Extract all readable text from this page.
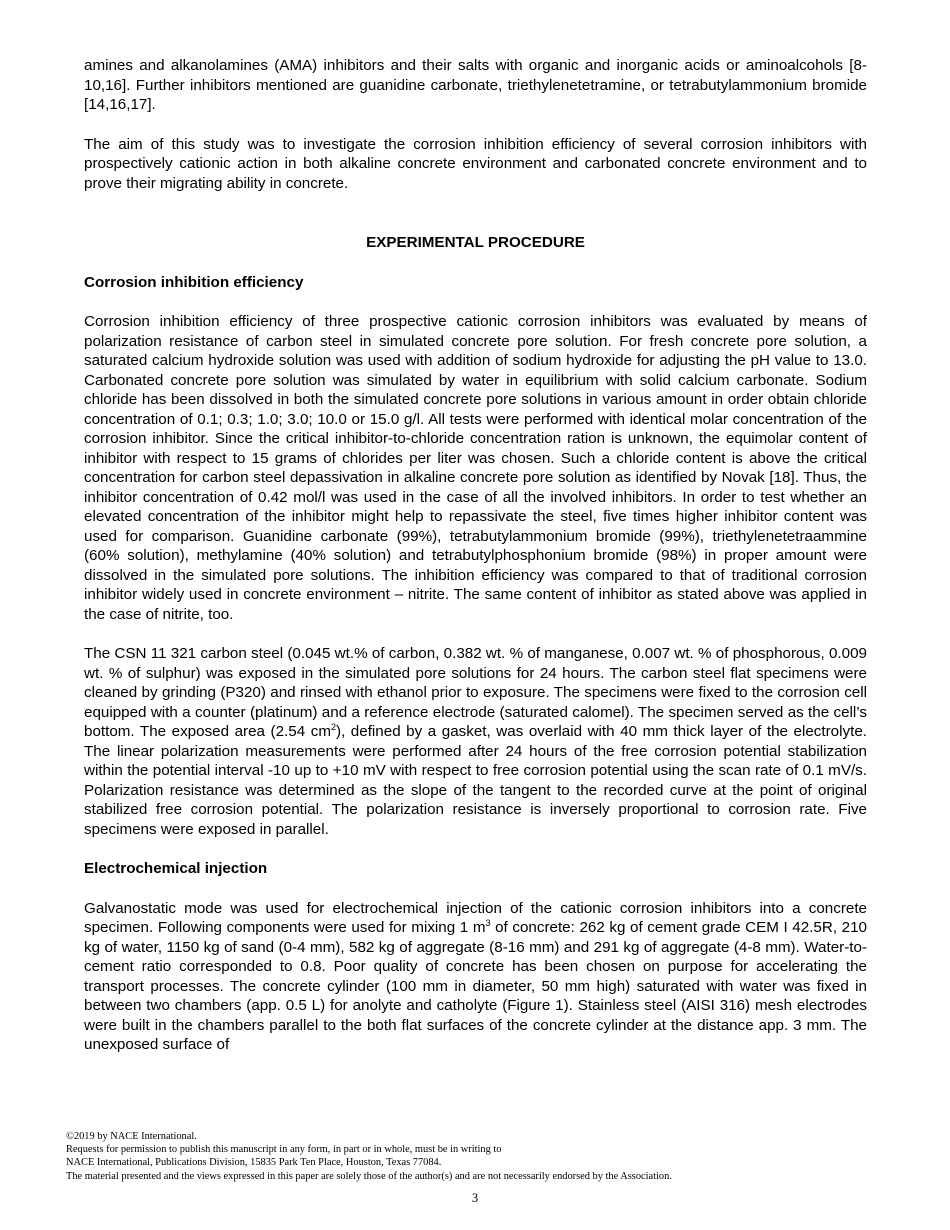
amines and alkanolamines (AMA) inhibitors and their salts with organic and inorganic acids or aminoalcohols [8-10,16]. Further inhibitors mentioned are guanidine carbonate, triethylenetetramine, or tetrabutylammonium bromide [14,16,17].

The aim of this study was to investigate the corrosion inhibition efficiency of several corrosion inhibitors with prospectively cationic action in both alkaline concrete environment and carbonated concrete environment and to prove their migrating ability in concrete.

EXPERIMENTAL PROCEDURE
Corrosion inhibition efficiency

Corrosion inhibition efficiency of three prospective cationic corrosion inhibitors was evaluated by means of polarization resistance of carbon steel in simulated concrete pore solution. For fresh concrete pore solution, a saturated calcium hydroxide solution was used with addition of sodium hydroxide for adjusting the pH value to 13.0. Carbonated concrete pore solution was simulated by water in equilibrium with solid calcium carbonate. Sodium chloride has been dissolved in both the simulated concrete pore solutions in various amount in order obtain chloride concentration of 0.1; 0.3; 1.0; 3.0; 10.0 or 15.0 g/l. All tests were performed with identical molar concentration of the corrosion inhibitor. Since the critical inhibitor-to-chloride concentration ration is unknown, the equimolar content of inhibitor with respect to 15 grams of chlorides per liter was chosen. Such a chloride content is above the critical concentration for carbon steel depassivation in alkaline concrete pore solution as identified by Novak [18]. Thus, the inhibitor concentration of 0.42 mol/l was used in the case of all the involved inhibitors. In order to test whether an elevated concentration of the inhibitor might help to repassivate the steel, five times higher inhibitor content was used for comparison. Guanidine carbonate (99%), tetrabutylammonium bromide (99%), triethylenetetraammine (60% solution), methylamine (40% solution) and tetrabutylphosphonium bromide (98%) in proper amount were dissolved in the simulated pore solutions. The inhibition efficiency was compared to that of traditional corrosion inhibitor widely used in concrete environment – nitrite. The same content of inhibitor as stated above was applied in the case of nitrite, too.

The CSN 11 321 carbon steel (0.045 wt.% of carbon, 0.382 wt. % of manganese, 0.007 wt. % of phosphorous, 0.009 wt. % of sulphur) was exposed in the simulated pore solutions for 24 hours. The carbon steel flat specimens were cleaned by grinding (P320) and rinsed with ethanol prior to exposure. The specimens were fixed to the corrosion cell equipped with a counter (platinum) and a reference electrode (saturated calomel). The specimen served as the cell’s bottom. The exposed area (2.54 $cm^2$), defined by a gasket, was overlaid with 40 mm thick layer of the electrolyte. The linear polarization measurements were performed after 24 hours of the free corrosion potential stabilization within the potential interval -10 up to +10 mV with respect to free corrosion potential using the scan rate of 0.1 mV/s. Polarization resistance was determined as the slope of the tangent to the recorded curve at the point of original stabilized free corrosion potential. The polarization resistance is inversely proportional to corrosion rate. Five specimens were exposed in parallel.

Electrochemical injection

Galvanostatic mode was used for electrochemical injection of the cationic corrosion inhibitors into a concrete specimen. Following components were used for mixing 1 $m^3$ of concrete: 262 kg of cement grade CEM I 42.5R, 210 kg of water, 1150 kg of sand (0-4 mm), 582 kg of aggregate (8-16 mm) and 291 kg of aggregate (4-8 mm). Water-to-cement ratio corresponded to 0.8. Poor quality of concrete has been chosen on purpose for accelerating the transport processes. The concrete cylinder (100 mm in diameter, 50 mm high) saturated with water was fixed in between two chambers (app. 0.5 L) for anolyte and catholyte (Figure 1). Stainless steel (AISI 316) mesh electrodes were built in the chambers parallel to the both flat surfaces of the concrete cylinder at the distance app. 3 mm. The unexposed surface of

©2019 by NACE International.
Requests for permission to publish this manuscript in any form, in part or in whole, must be in writing to
NACE International, Publications Division, 15835 Park Ten Place, Houston, Texas 77084.
The material presented and the views expressed in this paper are solely those of the author(s) and are not necessarily endorsed by the Association.
3
